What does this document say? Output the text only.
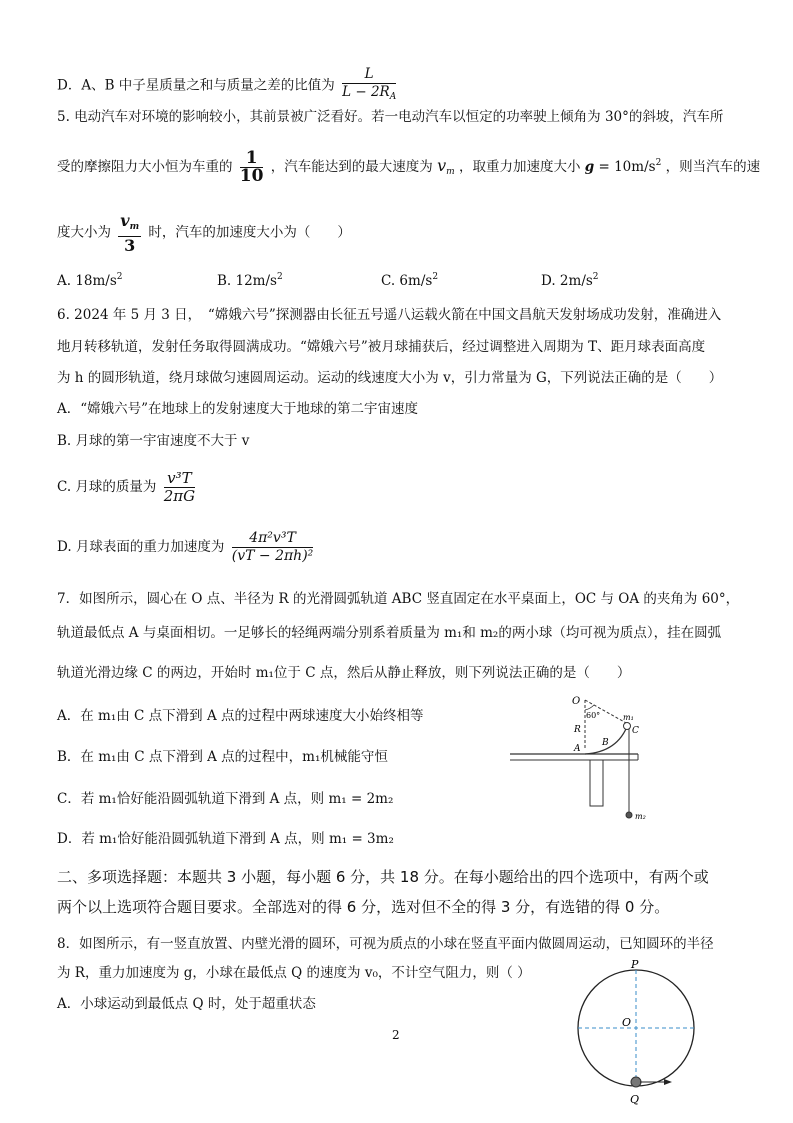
D．A、B 中子星质量之和与质量之差的比值为 $\frac{L}{L - 2R_A}$
5. 电动汽车对环境的影响较小，其前景被广泛看好。若一电动汽车以恒定的功率驶上倾角为 30°的斜坡，汽车所
受的摩擦阻力大小恒为车重的 $\frac{1}{10}$ ，汽车能达到的最大速度为 $v_m$ ，取重力加速度大小 $g = 10m/s^2$ ，则当汽车的速
度大小为 $\frac{v_m}{3}$ 时，汽车的加速度大小为（　　）
A. $18m/s^2$	B. $12m/s^2$	C. $6m/s^2$	D. $2m/s^2$
6. 2024 年 5 月 3 日，　“嫦娥六号”探测器由长征五号遥八运载火箭在中国文昌航天发射场成功发射，准确进入
地月转移轨道，发射任务取得圆满成功。“嫦娥六号”被月球捕获后，经过调整进入周期为 T、距月球表面高度
为 h 的圆形轨道，绕月球做匀速圆周运动。运动的线速度大小为 v，引力常量为 G，下列说法正确的是（　　）
A．“嫦娥六号”在地球上的发射速度大于地球的第二宇宙速度
B. 月球的第一宇宙速度不大于 v
C. 月球的质量为 $\frac{\text{v³T}}{2\pi G}$
D. 月球表面的重力加速度为 $\frac{\text{4π²v³T}}{\text{(vT − 2πh)²}}$
7．如图所示，圆心在 O 点、半径为 R 的光滑圆弧轨道 ABC 竖直固定在水平桌面上，OC 与 OA 的夹角为 60°，
轨道最低点 A 与桌面相切。一足够长的轻绳两端分别系着质量为 m₁和 m₂的两小球（均可视为质点），挂在圆弧
轨道光滑边缘 C 的两边，开始时 m₁位于 C 点，然后从静止释放，则下列说法正确的是（　　）
A．在 m₁由 C 点下滑到 A 点的过程中两球速度大小始终相等
B．在 m₁由 C 点下滑到 A 点的过程中，m₁机械能守恒
C．若 m₁恰好能沿圆弧轨道下滑到 A 点，则 m₁ = 2m₂
D．若 m₁恰好能沿圆弧轨道下滑到 A 点，则 m₁ = 3m₂
O
60°
R
A
B
C
m₁
m₂
二、多项选择题：本题共 3 小题，每小题 6 分，共 18 分。在每小题给出的四个选项中，有两个或
两个以上选项符合题目要求。全部选对的得 6 分，选对但不全的得 3 分，有选错的得 0 分。
8．如图所示，有一竖直放置、内壁光滑的圆环，可视为质点的小球在竖直平面内做圆周运动，已知圆环的半径
为 R，重力加速度为 g，小球在最低点 Q 的速度为 v₀，不计空气阻力，则（ ）
A．小球运动到最低点 Q 时，处于超重状态
P
O
Q
2
